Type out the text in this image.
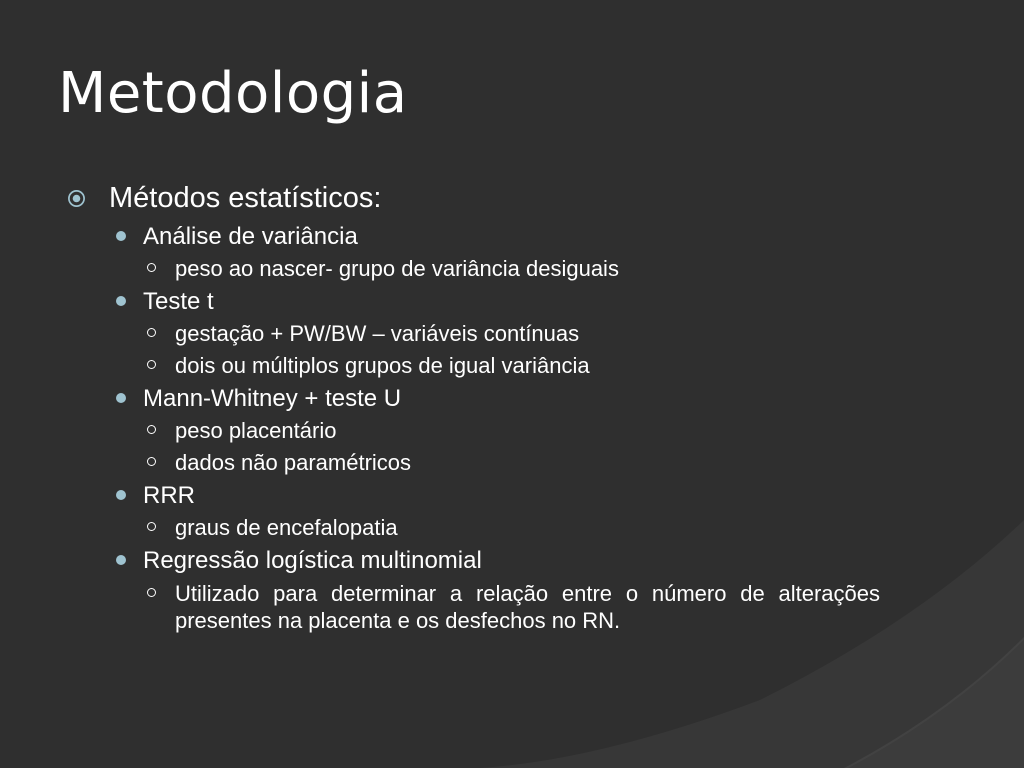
Metodologia
Métodos estatísticos:
Análise de variância
peso ao nascer- grupo de variância desiguais
Teste t
gestação + PW/BW – variáveis contínuas
dois ou múltiplos grupos de igual variância
Mann-Whitney + teste U
peso placentário
dados não paramétricos
RRR
graus de encefalopatia
Regressão logística multinomial
Utilizado para determinar a relação entre o número de alterações presentes na placenta e os desfechos no RN.
